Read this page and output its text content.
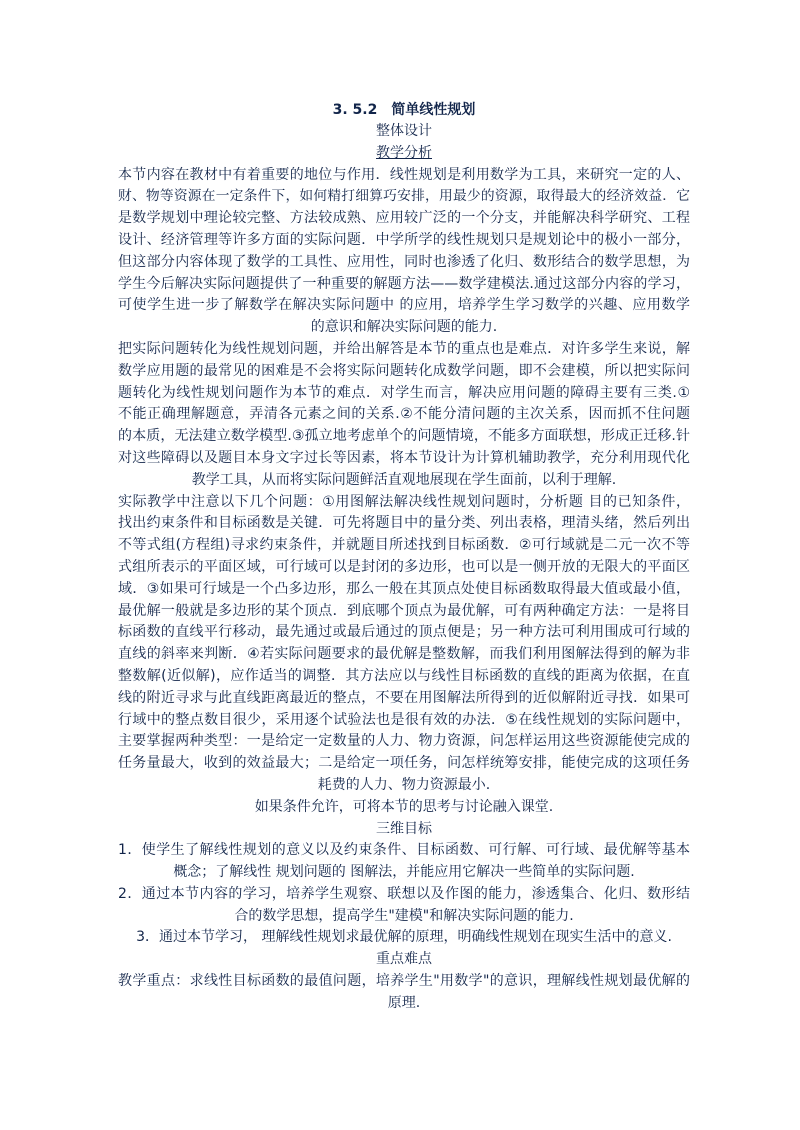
3. 5.2　简单线性规划
整体设计
教学分析
本节内容在教材中有着重要的地位与作用．线性规划是利用数学为工具，来研究一定的人、
财、物等资源在一定条件下，如何精打细算巧安排，用最少的资源，取得最大的经济效益．它
是数学规划中理论较完整、方法较成熟、应用较广泛的一个分支，并能解决科学研究、工程
设计、经济管理等许多方面的实际问题．中学所学的线性规划只是规划论中的极小一部分，
但这部分内容体现了数学的工具性、应用性，同时也渗透了化归、数形结合的数学思想，为
学生今后解决实际问题提供了一种重要的解题方法——数学建模法.通过这部分内容的学习，
可使学生进一步了解数学在解决实际问题中 的应用，培养学生学习数学的兴趣、应用数学
的意识和解决实际问题的能力.
把实际问题转化为线性规划问题，并给出解答是本节的重点也是难点．对许多学生来说，解
数学应用题的最常见的困难是不会将实际问题转化成数学问题，即不会建模，所以把实际问
题转化为线性规划问题作为本节的难点．对学生而言，解决应用问题的障碍主要有三类.①
不能正确理解题意，弄清各元素之间的关系.②不能分清问题的主次关系，因而抓不住问题
的本质，无法建立数学模型.③孤立地考虑单个的问题情境，不能多方面联想，形成正迁移.针
对这些障碍以及题目本身文字过长等因素，将本节设计为计算机辅助教学，充分利用现代化
教学工具，从而将实际问题鲜活直观地展现在学生面前，以利于理解.
实际教学中注意以下几个问题：①用图解法解决线性规划问题时，分析题 目的已知条件，
找出约束条件和目标函数是关键．可先将题目中的量分类、列出表格，理清头绪，然后列出
不等式组(方程组)寻求约束条件，并就题目所述找到目标函数．②可行域就是二元一次不等
式组所表示的平面区域，可行域可以是封闭的多边形，也可以是一侧开放的无限大的平面区
域．③如果可行域是一个凸多边形，那么一般在其顶点处使目标函数取得最大值或最小值，
最优解一般就是多边形的某个顶点．到底哪个顶点为最优解，可有两种确定方法：一是将目
标函数的直线平行移动，最先通过或最后通过的顶点便是；另一种方法可利用围成可行域的
直线的斜率来判断．④若实际问题要求的最优解是整数解，而我们利用图解法得到的解为非
整数解(近似解)，应作适当的调整．其方法应以与线性目标函数的直线的距离为依据，在直
线的附近寻求与此直线距离最近的整点，不要在用图解法所得到的近似解附近寻找．如果可
行域中的整点数目很少，采用逐个试验法也是很有效的办法．⑤在线性规划的实际问题中，
主要掌握两种类型：一是给定一定数量的人力、物力资源，问怎样运用这些资源能使完成的
任务量最大，收到的效益最大；二是给定一项任务，问怎样统筹安排，能使完成的这项任务
耗费的人力、物力资源最小.
如果条件允许，可将本节的思考与讨论融入课堂.
三维目标
1．使学生了解线性规划的意义以及约束条件、目标函数、可行解、可行域、最优解等基本
概念；了解线性 规划问题的 图解法，并能应用它解决一些简单的实际问题.
2．通过本节内容的学习，培养学生观察、联想以及作图的能力，渗透集合、化归、数形结
合的数学思想，提高学生"建模"和解决实际问题的能力.
3．通过本节学习， 理解线性规划求最优解的原理，明确线性规划在现实生活中的意义.
重点难点
教学重点：求线性目标函数的最值问题，培养学生"用数学"的意识，理解线性规划最优解的
原理.
